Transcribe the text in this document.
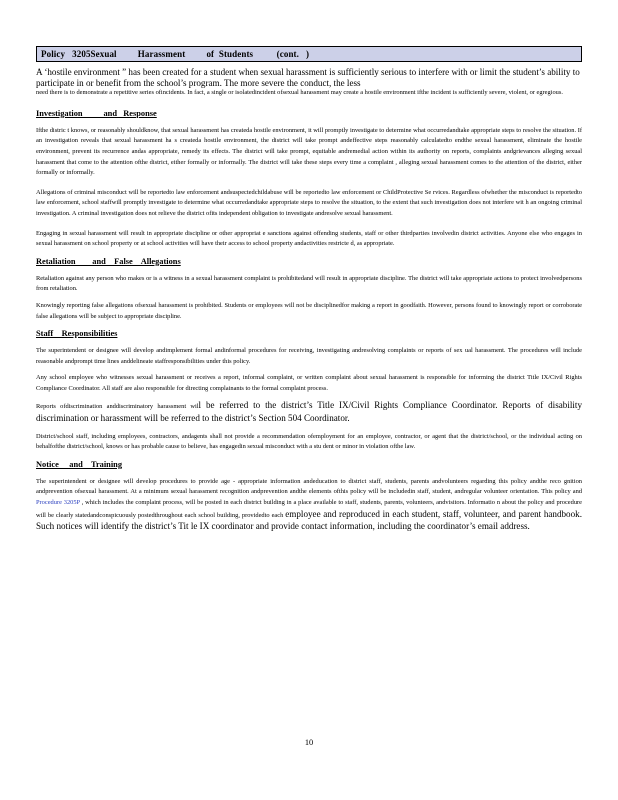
Policy   3205Sexual         Harassment         of  Students          (cont.   )

A ‘hostile environment ” has been created for a student when sexual harassment is sufficiently serious to interfere with or limit the student’s ability to participate in or benefit from the school’s program. The more severe the conduct, the less

need there is to demonstrate a repetitive series ofincidents. In fact, a single or isolatedincident ofsexual harassment may create a hostile environment ifthe incident is sufficiently severe, violent, or egregious.

Investigation          and   Response

Ifthe distric t knows, or reasonably shouldknow, that sexual harassment has createda hostile environment, it will promptly investigate to determine what occurredandtake appropriate steps to resolve the situation. If an investigation reveals that sexual harassment ha s createda hostile environment, the district will take prompt andeffective steps reasonably calculatedto endthe sexual harassment, eliminate the hostile environment, prevent its recurrence andas appropriate, remedy its effects. The district will take prompt, equitable andremedial action within its authority on reports, complaints andgrievances alleging sexual harassment that come to the attention ofthe district, either formally or informally. The district will take these steps every time a complaint , alleging sexual harassment comes to the attention of the district, either formally or informally.

Allegations of criminal misconduct will be reportedto law enforcement andsuspectedchildabuse will be reportedto law enforcement or ChildProtective Se rvices. Regardless ofwhether the misconduct is reportedto law enforcement, school staffwill promptly investigate to determine what occurredandtake appropriate steps to resolve the situation, to the extent that such investigation does not interfere wit h an ongoing criminal investigation. A criminal investigation does not relieve the district ofits independent obligation to investigate andresolve sexual harassment.

Engaging in sexual harassment will result in appropriate discipline or other appropriat e sanctions against offending students, staff or other thirdparties involvedin district activities. Anyone else who engages in sexual harassment on school property or at school activities will have their access to school property andactivities restricte d, as appropriate.

Retaliation        and    False    Allegations

Retaliation against any person who makes or is a witness in a sexual harassment complaint is prohibitedand will result in appropriate discipline. The district will take appropriate actions to protect involvedpersons from retaliation.

Knowingly reporting false allegations ofsexual harassment is prohibited. Students or employees will not be disciplinedfor making a report in goodfaith. However, persons found to knowingly report or corroborate false allegations will be subject to appropriate discipline.

Staff    Responsibilities

The superintendent or designee will develop andimplement formal andinformal procedures for receiving, investigating andresolving complaints or reports of sex ual harassment. The procedures will include reasonable andprompt time lines anddelineate staffresponsibilities under this policy.

Any school employee who witnesses sexual harassment or receives a report, informal complaint, or written complaint about sexual harassment is responsible for informing the district Title IX/Civil Rights Compliance Coordinator. All staff are also responsible for directing complainants to the formal complaint process.

Reports ofdiscrimination anddiscriminatory harassment will be referred to the district’s Title IX/Civil Rights Compliance Coordinator. Reports of disability discrimination or harassment will be referred to the district’s Section 504 Coordinator.

District/school staff, including employees, contractors, andagents shall not provide a recommendation ofemployment for an employee, contractor, or agent that the district/school, or the individual acting on behalfofthe district/school, knows or has probable cause to believe, has engagedin sexual misconduct with a stu dent or minor in violation ofthe law.

Notice     and    Training

The superintendent or designee will develop procedures to provide age - appropriate information andeducation to district staff, students, parents andvolunteers regarding this policy andthe reco gnition andprevention ofsexual harassment. At a minimum sexual harassment recognition andprevention andthe elements ofthis policy will be includedin staff, student, andregular volunteer orientation. This policy and Procedure 3205P , which includes the complaint process, will be posted in each district building in a place available to staff, students, parents, volunteers, andvisitors. Informatio n about the policy and procedure will be clearly statedandconspicuously postedthroughout each school building, providedto each employee and reproduced in each student, staff, volunteer, and parent handbook. Such notices will identify the district’s Tit le IX coordinator and provide contact information, including the coordinator’s email address.

10
